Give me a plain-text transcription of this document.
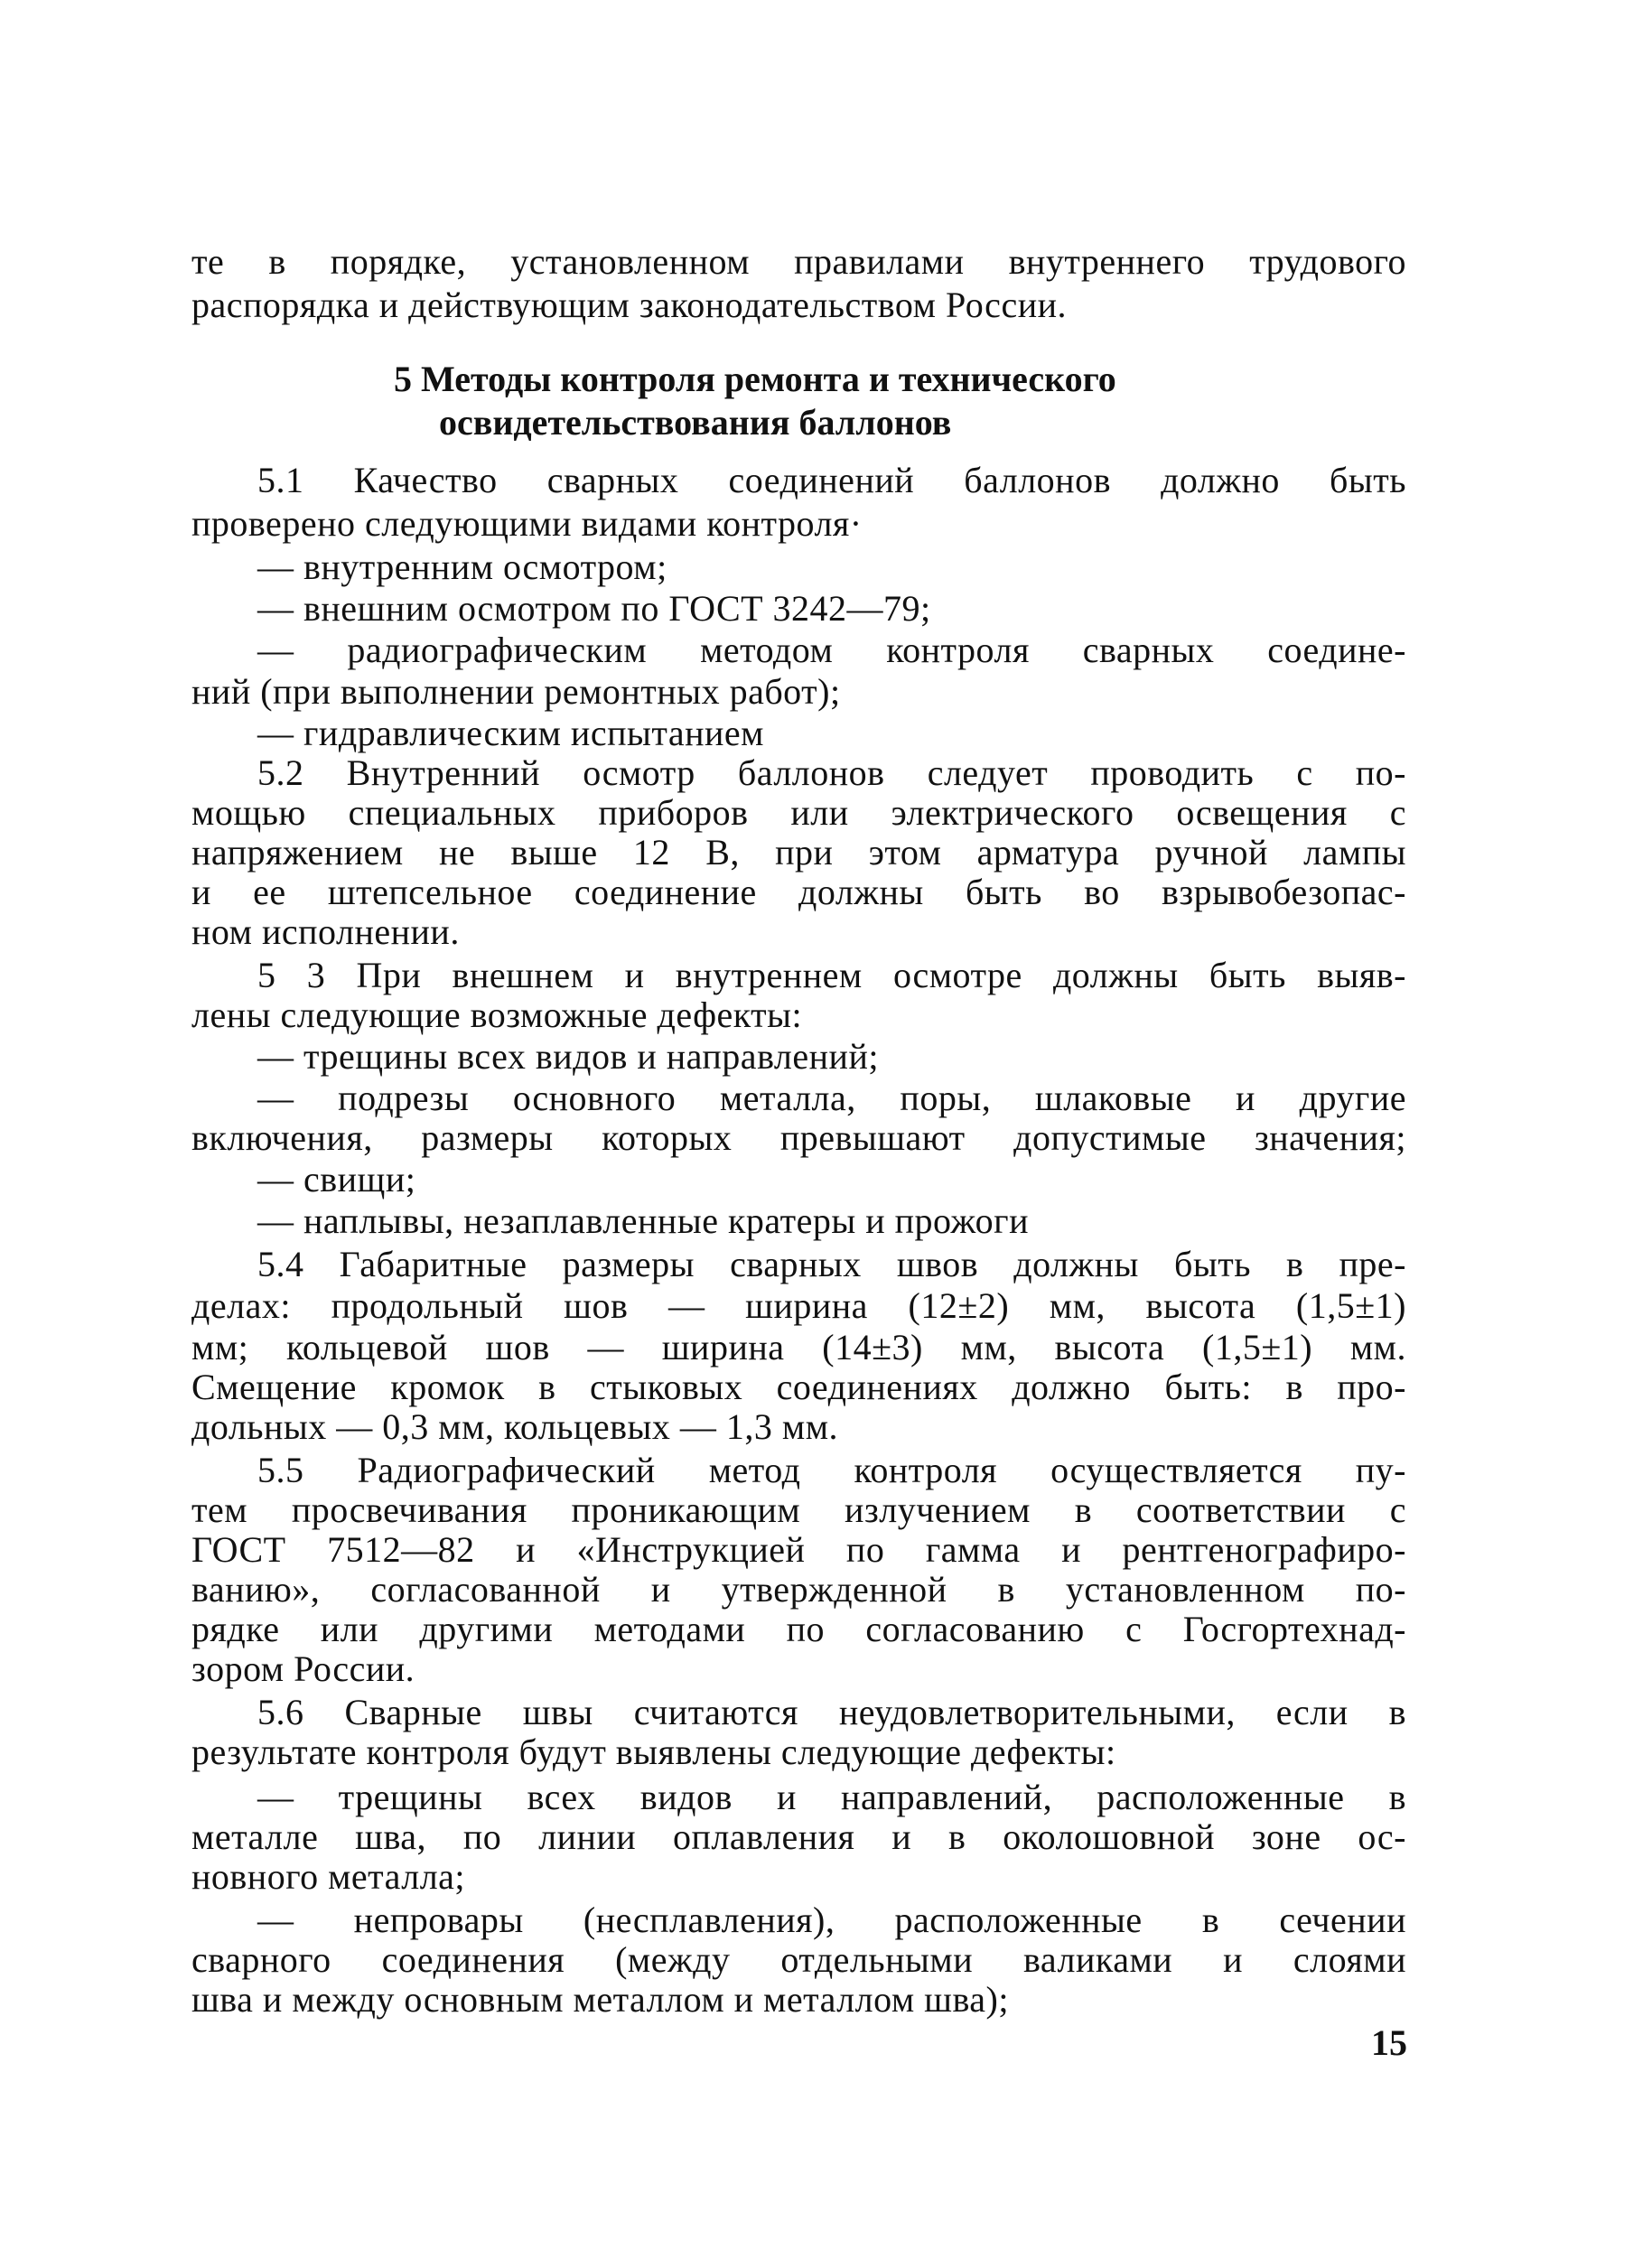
те в порядке, установленном правилами внутреннего трудового
распорядка и действующим законодательством России.
5 Методы контроля ремонта и технического
освидетельствования баллонов
5.1 Качество сварных соединений баллонов должно быть
проверено следующими видами контроля·
— внутренним осмотром;
— внешним осмотром по ГОСТ 3242—79;
— радиографическим методом контроля сварных соедине-
ний (при выполнении ремонтных работ);
— гидравлическим испытанием
5.2 Внутренний осмотр баллонов следует проводить с по-
мощью специальных приборов или электрического освещения с
напряжением не выше 12 В, при этом арматура ручной лампы
и ее штепсельное соединение должны быть во взрывобезопас-
ном исполнении.
5 3 При внешнем и внутреннем осмотре должны быть выяв-
лены следующие возможные дефекты:
— трещины всех видов и направлений;
— подрезы основного металла, поры, шлаковые и другие
включения, размеры которых превышают допустимые значения;
— свищи;
— наплывы, незаплавленные кратеры и прожоги
5.4 Габаритные размеры сварных швов должны быть в пре-
делах: продольный шов — ширина (12±2) мм, высота (1,5±1)
мм; кольцевой шов — ширина (14±3) мм, высота (1,5±1) мм.
Смещение кромок в стыковых соединениях должно быть: в про-
дольных — 0,3 мм, кольцевых — 1,3 мм.
5.5 Радиографический метод контроля осуществляется пу-
тем просвечивания проникающим излучением в соответствии с
ГОСТ 7512—82 и «Инструкцией по гамма и рентгенографиро-
ванию», согласованной и утвержденной в установленном по-
рядке или другими методами по согласованию с Госгортехнад-
зором России.
5.6 Сварные швы считаются неудовлетворительными, если в
результате контроля будут выявлены следующие дефекты:
— трещины всех видов и направлений, расположенные в
металле шва, по линии оплавления и в околошовной зоне ос-
новного металла;
— непровары (несплавления), расположенные в сечении
сварного соединения (между отдельными валиками и слоями
шва и между основным металлом и металлом шва);
15
